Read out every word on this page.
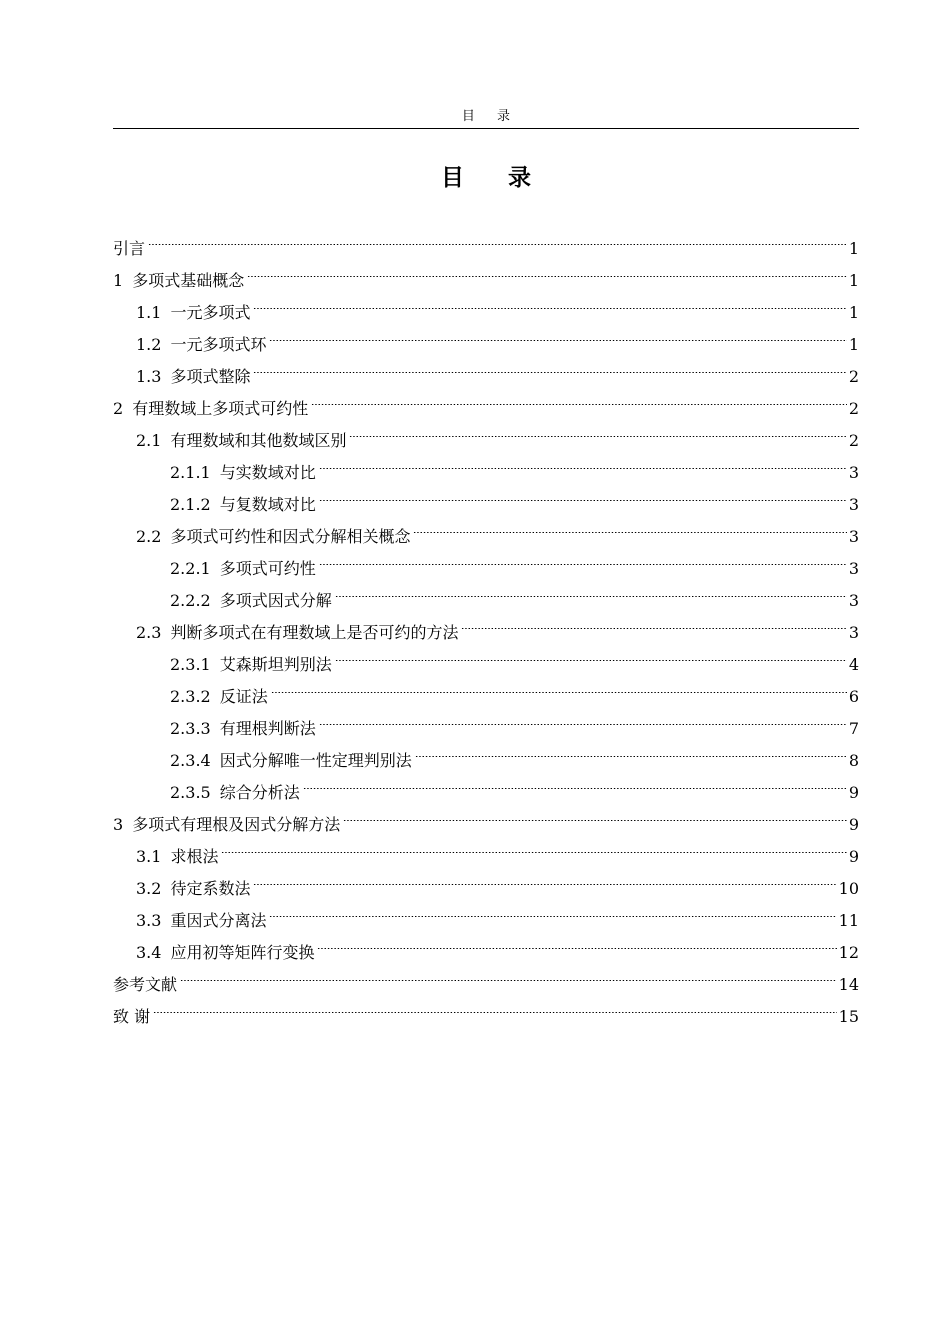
目 录
目 录
引言	1
1 多项式基础概念	1
1.1 一元多项式	1
1.2 一元多项式环	1
1.3 多项式整除	2
2 有理数域上多项式可约性	2
2.1 有理数域和其他数域区别	2
2.1.1 与实数域对比	3
2.1.2 与复数域对比	3
2.2 多项式可约性和因式分解相关概念	3
2.2.1 多项式可约性	3
2.2.2 多项式因式分解	3
2.3 判断多项式在有理数域上是否可约的方法	3
2.3.1 艾森斯坦判别法	4
2.3.2 反证法	6
2.3.3 有理根判断法	7
2.3.4 因式分解唯一性定理判别法	8
2.3.5 综合分析法	9
3 多项式有理根及因式分解方法	9
3.1 求根法	9
3.2 待定系数法	10
3.3 重因式分离法	11
3.4 应用初等矩阵行变换	12
参考文献	14
致 谢	15
